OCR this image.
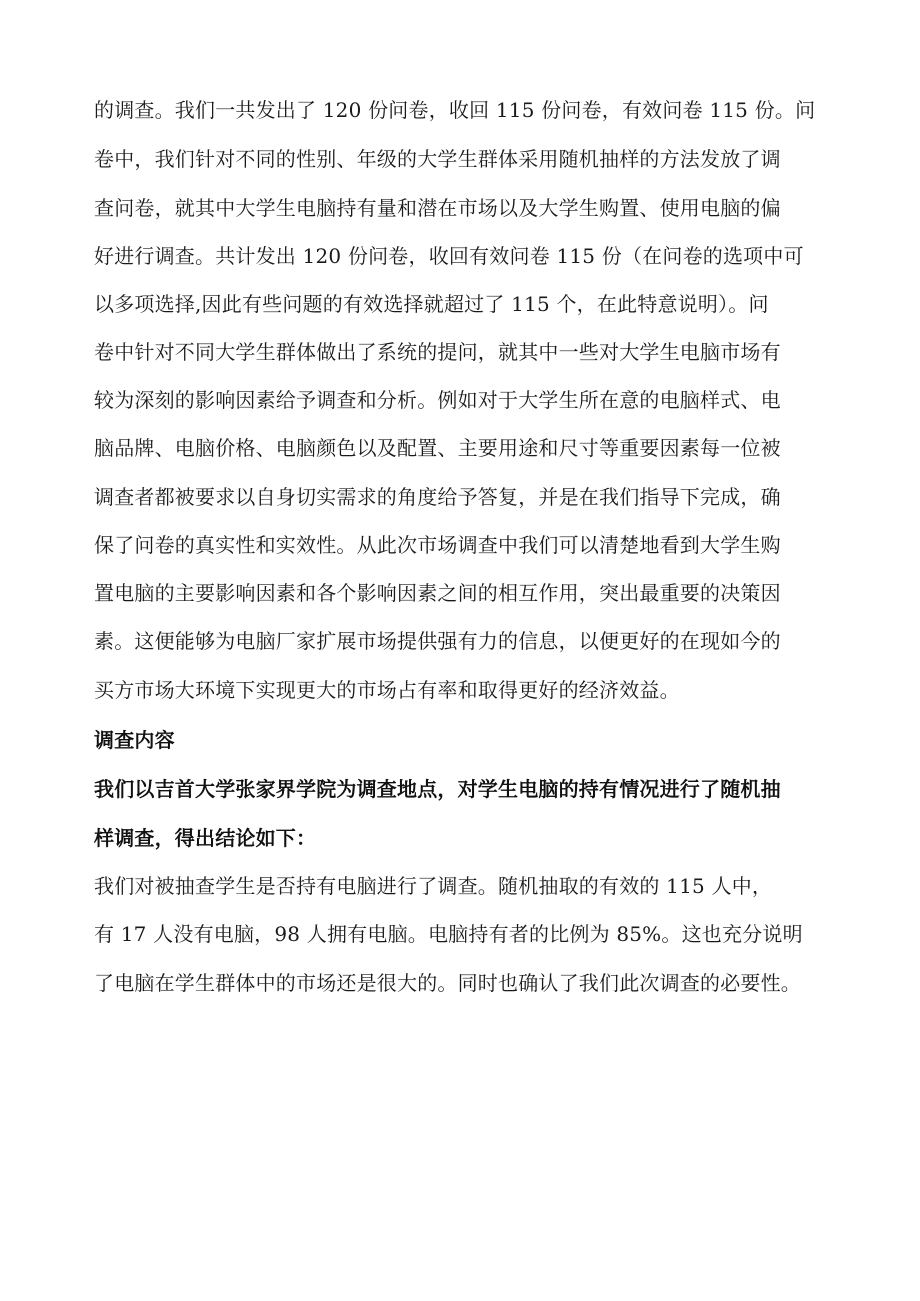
的调查。我们一共发出了 120 份问卷，收回 115 份问卷，有效问卷 115 份。问

卷中，我们针对不同的性别、年级的大学生群体采用随机抽样的方法发放了调

查问卷，就其中大学生电脑持有量和潜在市场以及大学生购置、使用电脑的偏

好进行调查。共计发出 120 份问卷，收回有效问卷 115 份（在问卷的选项中可

以多项选择,因此有些问题的有效选择就超过了 115 个，在此特意说明）。问

卷中针对不同大学生群体做出了系统的提问，就其中一些对大学生电脑市场有

较为深刻的影响因素给予调查和分析。例如对于大学生所在意的电脑样式、电

脑品牌、电脑价格、电脑颜色以及配置、主要用途和尺寸等重要因素每一位被

调查者都被要求以自身切实需求的角度给予答复，并是在我们指导下完成，确

保了问卷的真实性和实效性。从此次市场调查中我们可以清楚地看到大学生购

置电脑的主要影响因素和各个影响因素之间的相互作用，突出最重要的决策因

素。这便能够为电脑厂家扩展市场提供强有力的信息，以便更好的在现如今的

买方市场大环境下实现更大的市场占有率和取得更好的经济效益。

调查内容

我们以吉首大学张家界学院为调查地点，对学生电脑的持有情况进行了随机抽

样调查，得出结论如下：

我们对被抽查学生是否持有电脑进行了调查。随机抽取的有效的 115 人中，

有 17 人没有电脑，98 人拥有电脑。电脑持有者的比例为 85%。这也充分说明

了电脑在学生群体中的市场还是很大的。同时也确认了我们此次调查的必要性。
